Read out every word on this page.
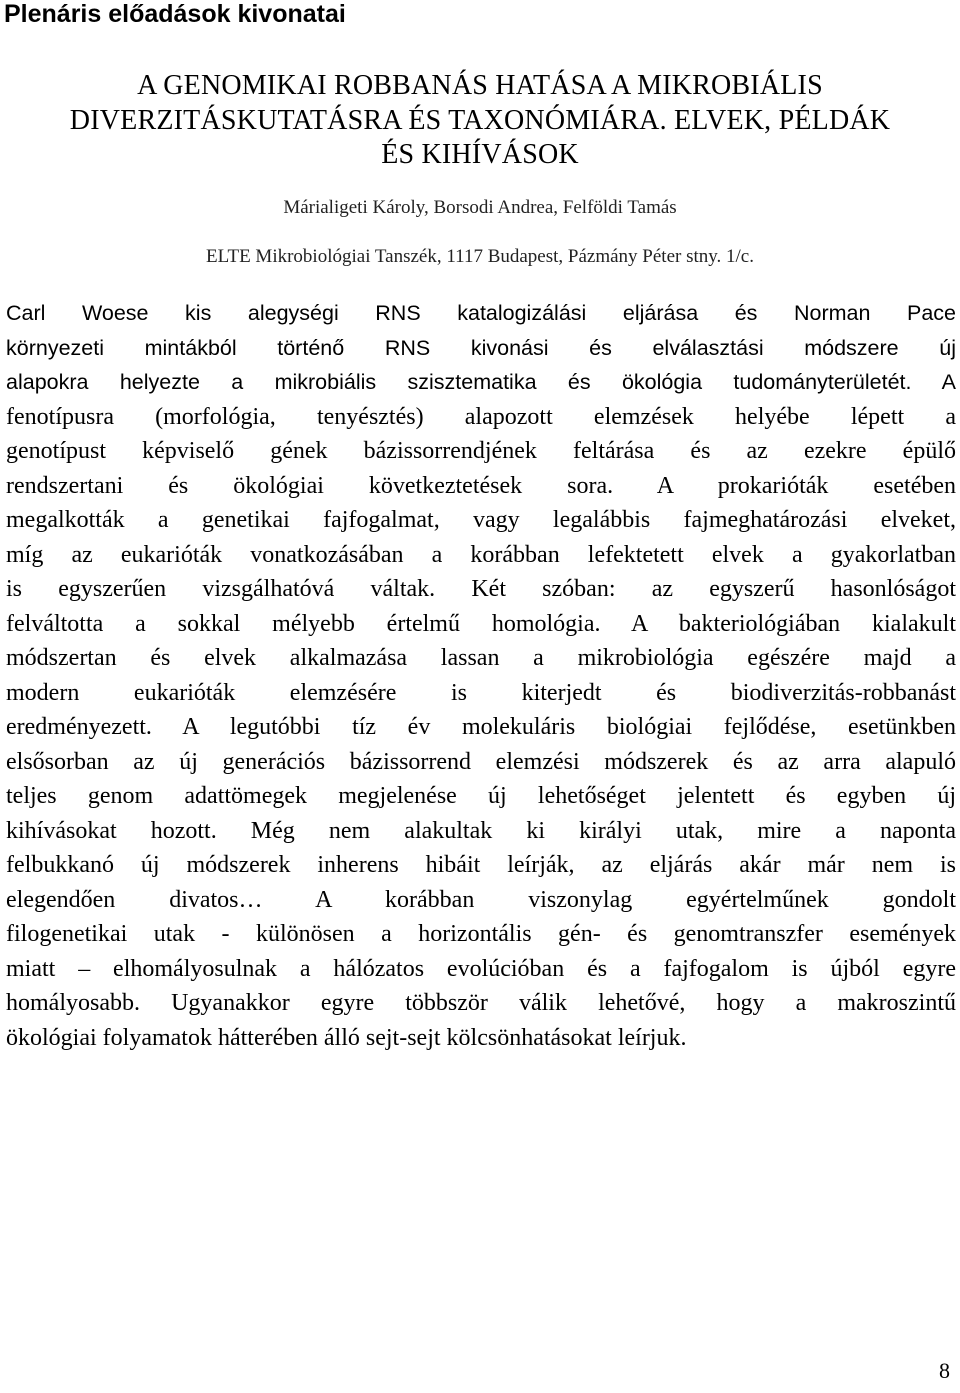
Plenáris előadások kivonatai
A GENOMIKAI ROBBANÁS HATÁSA A MIKROBIÁLIS
DIVERZITÁSKUTATÁSRA ÉS TAXONÓMIÁRA. ELVEK, PÉLDÁK
ÉS KIHÍVÁSOK

Márialigeti Károly, Borsodi Andrea, Felföldi Tamás

ELTE Mikrobiológiai Tanszék, 1117 Budapest, Pázmány Péter stny. 1/c.

Carl Woese kis alegységi RNS katalogizálási eljárása és Norman Pace
környezeti mintákból történő RNS kivonási és elválasztási módszere új
alapokra helyezte a mikrobiális szisztematika és ökológia tudományterületét. A
fenotípusra (morfológia, tenyésztés) alapozott elemzések helyébe lépett a
genotípust képviselő gének bázissorrendjének feltárása és az ezekre épülő
rendszertani és ökológiai következtetések sora. A prokarióták esetében
megalkották a genetikai fajfogalmat, vagy legalábbis fajmeghatározási elveket,
míg az eukarióták vonatkozásában a korábban lefektetett elvek a gyakorlatban
is egyszerűen vizsgálhatóvá váltak. Két szóban: az egyszerű hasonlóságot
felváltotta a sokkal mélyebb értelmű homológia. A bakteriológiában kialakult
módszertan és elvek alkalmazása lassan a mikrobiológia egészére majd a
modern eukarióták elemzésére is kiterjedt és biodiverzitás-robbanást
eredményezett. A legutóbbi tíz év molekuláris biológiai fejlődése, esetünkben
elsősorban az új generációs bázissorrend elemzési módszerek és az arra alapuló
teljes genom adattömegek megjelenése új lehetőséget jelentett és egyben új
kihívásokat hozott. Még nem alakultak ki királyi utak, mire a naponta
felbukkanó új módszerek inherens hibáit leírják, az eljárás akár már nem is
elegendően divatos… A korábban viszonylag egyértelműnek gondolt
filogenetikai utak - különösen a horizontális gén- és genomtranszfer események
miatt – elhomályosulnak a hálózatos evolúcióban és a fajfogalom is újból egyre
homályosabb. Ugyanakkor egyre többször válik lehetővé, hogy a makroszintű
ökológiai folyamatok hátterében álló sejt-sejt kölcsönhatásokat leírjuk.

8
